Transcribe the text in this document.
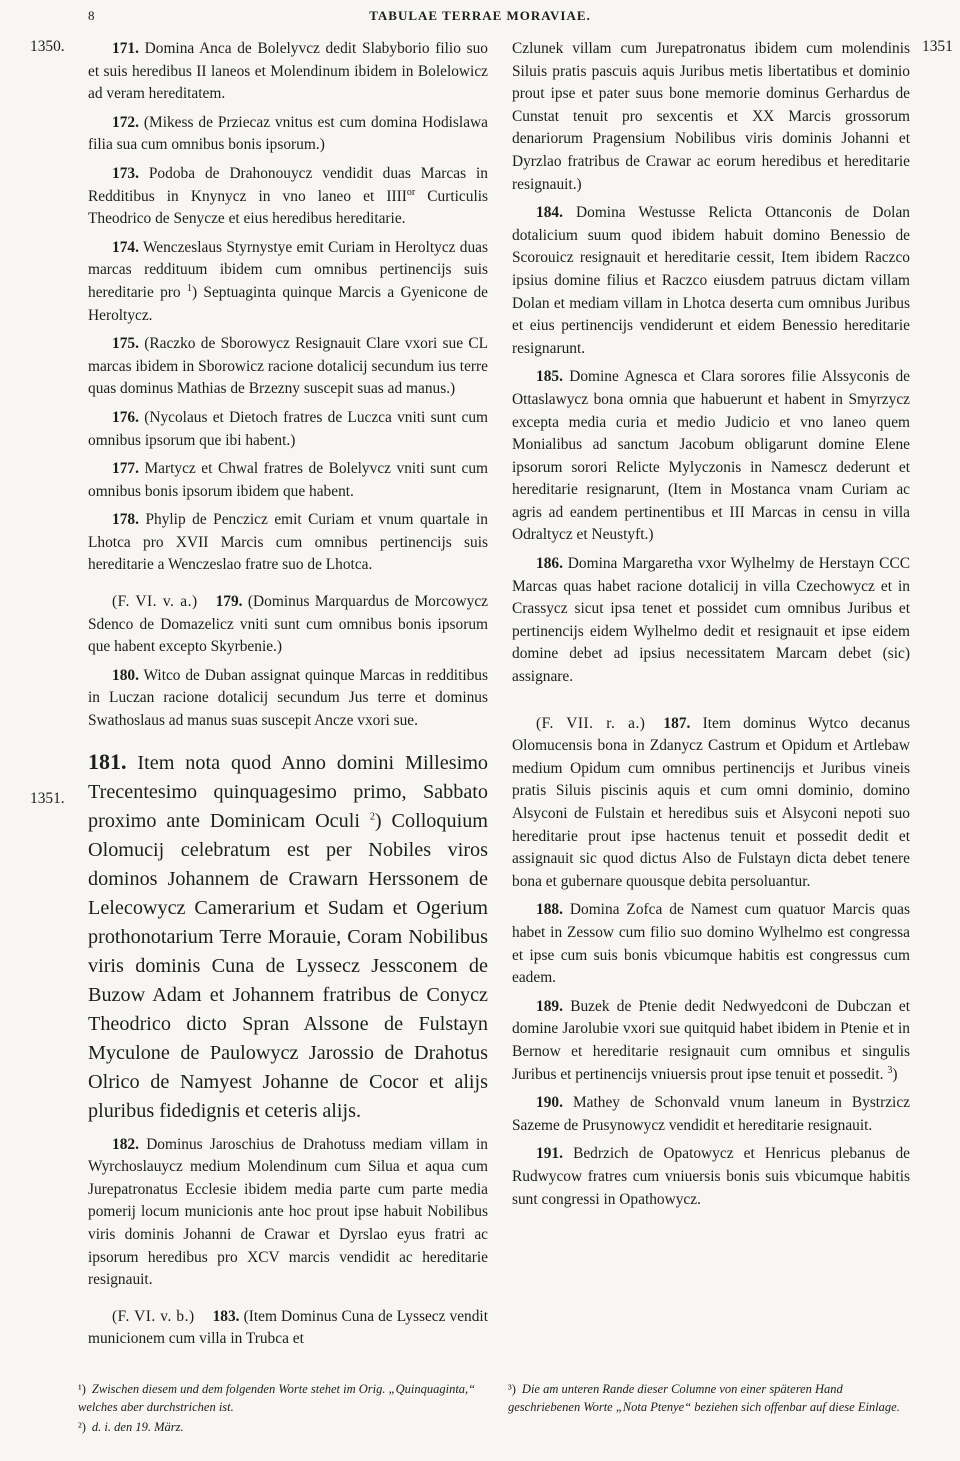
8	TABULAE TERRAE MORAVIAE.
1350.	1351
1351.

171. Domina Anca de Bolelyvcz dedit Slabyborio filio suo et suis heredibus II laneos et Molendinum ibidem in Bolelowicz ad veram hereditatem.

172. (Mikess de Prziecaz vnitus est cum domina Hodislawa filia sua cum omnibus bonis ipsorum.)

173. Podoba de Drahonouycz vendidit duas Marcas in Redditibus in Knynycz in vno laneo et $IIII^{or}$ Curticulis Theodrico de Senycze et eius heredibus hereditarie.

174. Wenczeslaus Styrnystye emit Curiam in Heroltycz duas marcas reddituum ibidem cum omnibus pertinencijs suis hereditarie pro $^1$) Septuaginta quinque Marcis a Gyenicone de Heroltycz.

175. (Raczko de Sborowycz Resignauit Clare vxori sue CL marcas ibidem in Sborowicz racione dotalicij secundum ius terre quas dominus Mathias de Brzezny suscepit suas ad manus.)

176. (Nycolaus et Dietoch fratres de Luczca vniti sunt cum omnibus ipsorum que ibi habent.)

177. Martycz et Chwal fratres de Bolelyvcz vniti sunt cum omnibus bonis ipsorum ibidem que habent.

178. Phylip de Penczicz emit Curiam et vnum quartale in Lhotca pro XVII Marcis cum omnibus pertinencijs suis hereditarie a Wenczeslao fratre suo de Lhotca.

(F. VI. v. a.) 179. (Dominus Marquardus de Morcowycz Sdenco de Domazelicz vniti sunt cum omnibus bonis ipsorum que habent excepto Skyrbenie.)

180. Witco de Duban assignat quinque Marcas in redditibus in Luczan racione dotalicij secundum Jus terre et dominus Swathoslaus ad manus suas suscepit Ancze vxori sue.

181. Item nota quod Anno domini Millesimo Trecentesimo quinquagesimo primo, Sabbato proximo ante Dominicam Oculi $^2$) Colloquium Olomucij celebratum est per Nobiles viros dominos Johannem de Crawarn Herssonem de Lelecowycz Camerarium et Sudam et Ogerium prothonotarium Terre Morauie, Coram Nobilibus viris dominis Cuna de Lyssecz Jessconem de Buzow Adam et Johannem fratribus de Conycz Theodrico dicto Spran Alssone de Fulstayn Myculone de Paulowycz Jarossio de Drahotus Olrico de Namyest Johanne de Cocor et alijs pluribus fidedignis et ceteris alijs.

182. Dominus Jaroschius de Drahotuss mediam villam in Wyrchoslauycz medium Molendinum cum Silua et aqua cum Jurepatronatus Ecclesie ibidem media parte cum parte media pomerij locum municionis ante hoc prout ipse habuit Nobilibus viris dominis Johanni de Crawar et Dyrslao eyus fratri ac ipsorum heredibus pro XCV marcis vendidit ac hereditarie resignauit.

(F. VI. v. b.) 183. (Item Dominus Cuna de Lyssecz vendit municionem cum villa in Trubca et

Czlunek villam cum Jurepatronatus ibidem cum molendinis Siluis pratis pascuis aquis Juribus metis libertatibus et dominio prout ipse et pater suus bone memorie dominus Gerhardus de Cunstat tenuit pro sexcentis et XX Marcis grossorum denariorum Pragensium Nobilibus viris dominis Johanni et Dyrzlao fratribus de Crawar ac eorum heredibus et hereditarie resignauit.)

184. Domina Westusse Relicta Ottanconis de Dolan dotalicium suum quod ibidem habuit domino Benessio de Scorouicz resignauit et hereditarie cessit, Item ibidem Raczco ipsius domine filius et Raczco eiusdem patruus dictam villam Dolan et mediam villam in Lhotca deserta cum omnibus Juribus et eius pertinencijs vendiderunt et eidem Benessio hereditarie resignarunt.

185. Domine Agnesca et Clara sorores filie Alssyconis de Ottaslawycz bona omnia que habuerunt et habent in Smyrzycz excepta media curia et medio Judicio et vno laneo quem Monialibus ad sanctum Jacobum obligarunt domine Elene ipsorum sorori Relicte Mylyczonis in Namescz dederunt et hereditarie resignarunt, (Item in Mostanca vnam Curiam ac agris ad eandem pertinentibus et III Marcas in censu in villa Odraltycz et Neustyft.)

186. Domina Margaretha vxor Wylhelmy de Herstayn CCC Marcas quas habet racione dotalicij in villa Czechowycz et in Crassycz sicut ipsa tenet et possidet cum omnibus Juribus et pertinencijs eidem Wylhelmo dedit et resignauit et ipse eidem domine debet ad ipsius necessitatem Marcam debet (sic) assignare.

(F. VII. r. a.) 187. Item dominus Wytco decanus Olomucensis bona in Zdanycz Castrum et Opidum et Artlebaw medium Opidum cum omnibus pertinencijs et Juribus vineis pratis Siluis piscinis aquis et cum omni dominio, domino Alsyconi de Fulstain et heredibus suis et Alsyconi nepoti suo hereditarie prout ipse hactenus tenuit et possedit dedit et assignauit sic quod dictus Also de Fulstayn dicta debet tenere bona et gubernare quousque debita persoluantur.

188. Domina Zofca de Namest cum quatuor Marcis quas habet in Zessow cum filio suo domino Wylhelmo est congressa et ipse cum suis bonis vbicumque habitis est congressus cum eadem.

189. Buzek de Ptenie dedit Nedwyedconi de Dubczan et domine Jarolubie vxori sue quitquid habet ibidem in Ptenie et in Bernow et hereditarie resignauit cum omnibus et singulis Juribus et pertinencijs vniuersis prout ipse tenuit et possedit. $^3$)

190. Mathey de Schonvald vnum laneum in Bystrzicz Sazeme de Prusynowycz vendidit et hereditarie resignauit.

191. Bedrzich de Opatowycz et Henricus plebanus de Rudwycow fratres cum vniuersis bonis suis vbicumque habitis sunt congressi in Opathowycz.

¹) Zwischen diesem und dem folgenden Worte stehet im Orig. „Quinquaginta,“ welches aber durchstrichen ist.

²) d. i. den 19. März.

³) Die am unteren Rande dieser Columne von einer späteren Hand geschriebenen Worte „Nota Ptenye“ beziehen sich offenbar auf diese Einlage.
